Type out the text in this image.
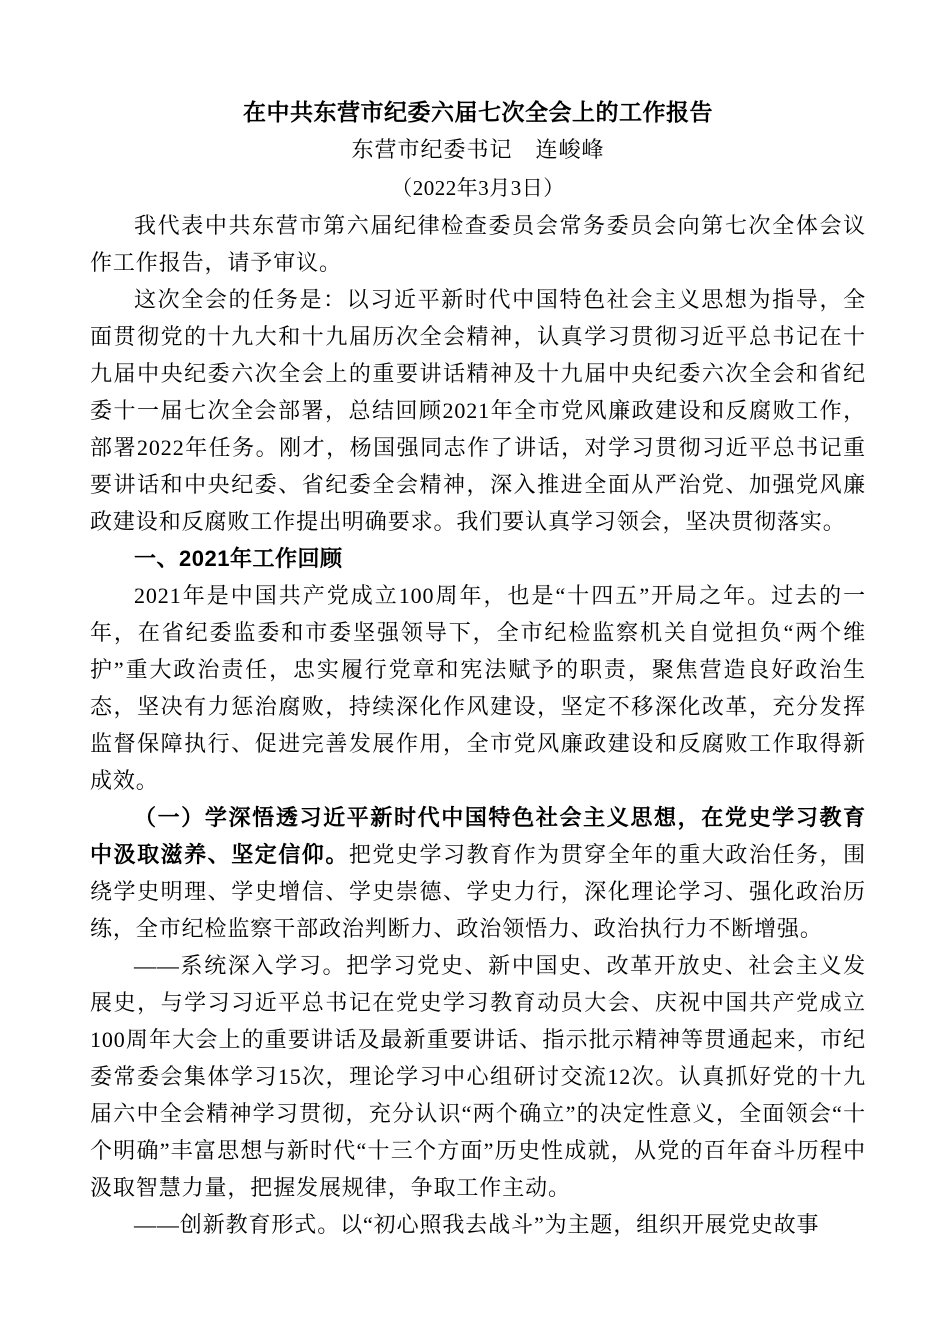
在中共东营市纪委六届七次全会上的工作报告
东营市纪委书记　连峻峰
（2022年3月3日）

我代表中共东营市第六届纪律检查委员会常务委员会向第七次全体会议作工作报告，请予审议。

这次全会的任务是：以习近平新时代中国特色社会主义思想为指导，全面贯彻党的十九大和十九届历次全会精神，认真学习贯彻习近平总书记在十九届中央纪委六次全会上的重要讲话精神及十九届中央纪委六次全会和省纪委十一届七次全会部署，总结回顾2021年全市党风廉政建设和反腐败工作，部署2022年任务。刚才，杨国强同志作了讲话，对学习贯彻习近平总书记重要讲话和中央纪委、省纪委全会精神，深入推进全面从严治党、加强党风廉政建设和反腐败工作提出明确要求。我们要认真学习领会，坚决贯彻落实。

一、2021年工作回顾

2021年是中国共产党成立100周年，也是“十四五”开局之年。过去的一年，在省纪委监委和市委坚强领导下，全市纪检监察机关自觉担负“两个维护”重大政治责任，忠实履行党章和宪法赋予的职责，聚焦营造良好政治生态，坚决有力惩治腐败，持续深化作风建设，坚定不移深化改革，充分发挥监督保障执行、促进完善发展作用，全市党风廉政建设和反腐败工作取得新成效。

（一）学深悟透习近平新时代中国特色社会主义思想，在党史学习教育中汲取滋养、坚定信仰。把党史学习教育作为贯穿全年的重大政治任务，围绕学史明理、学史增信、学史崇德、学史力行，深化理论学习、强化政治历练，全市纪检监察干部政治判断力、政治领悟力、政治执行力不断增强。

——系统深入学习。把学习党史、新中国史、改革开放史、社会主义发展史，与学习习近平总书记在党史学习教育动员大会、庆祝中国共产党成立100周年大会上的重要讲话及最新重要讲话、指示批示精神等贯通起来，市纪委常委会集体学习15次，理论学习中心组研讨交流12次。认真抓好党的十九届六中全会精神学习贯彻，充分认识“两个确立”的决定性意义，全面领会“十个明确”丰富思想与新时代“十三个方面”历史性成就，从党的百年奋斗历程中汲取智慧力量，把握发展规律，争取工作主动。

——创新教育形式。以“初心照我去战斗”为主题，组织开展党史故事
